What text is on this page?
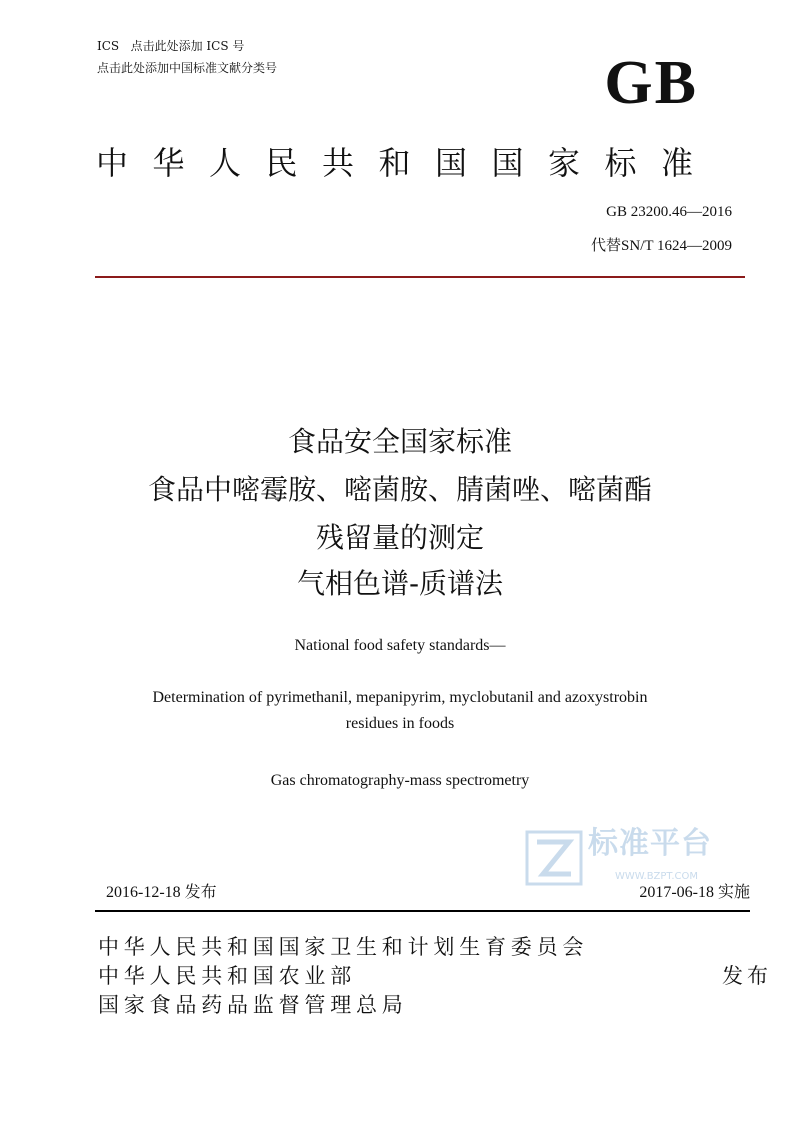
ICS 点击此处添加 ICS 号
点击此处添加中国标准文献分类号	GB
中华人民共和国国家标准
GB 23200.46—2016
代替SN/T 1624—2009
食品安全国家标准
食品中嘧霉胺、嘧菌胺、腈菌唑、嘧菌酯
残留量的测定
气相色谱-质谱法
National food safety standards—
Determination of pyrimethanil, mepanipyrim, myclobutanil and azoxystrobin
residues in foods
Gas chromatography-mass spectrometry
标准平台
WWW.BZPT.COM
2016-12-18 发布	2017-06-18 实施
中华人民共和国国家卫生和计划生育委员会
中华人民共和国农业部
国家食品药品监督管理总局
发布
